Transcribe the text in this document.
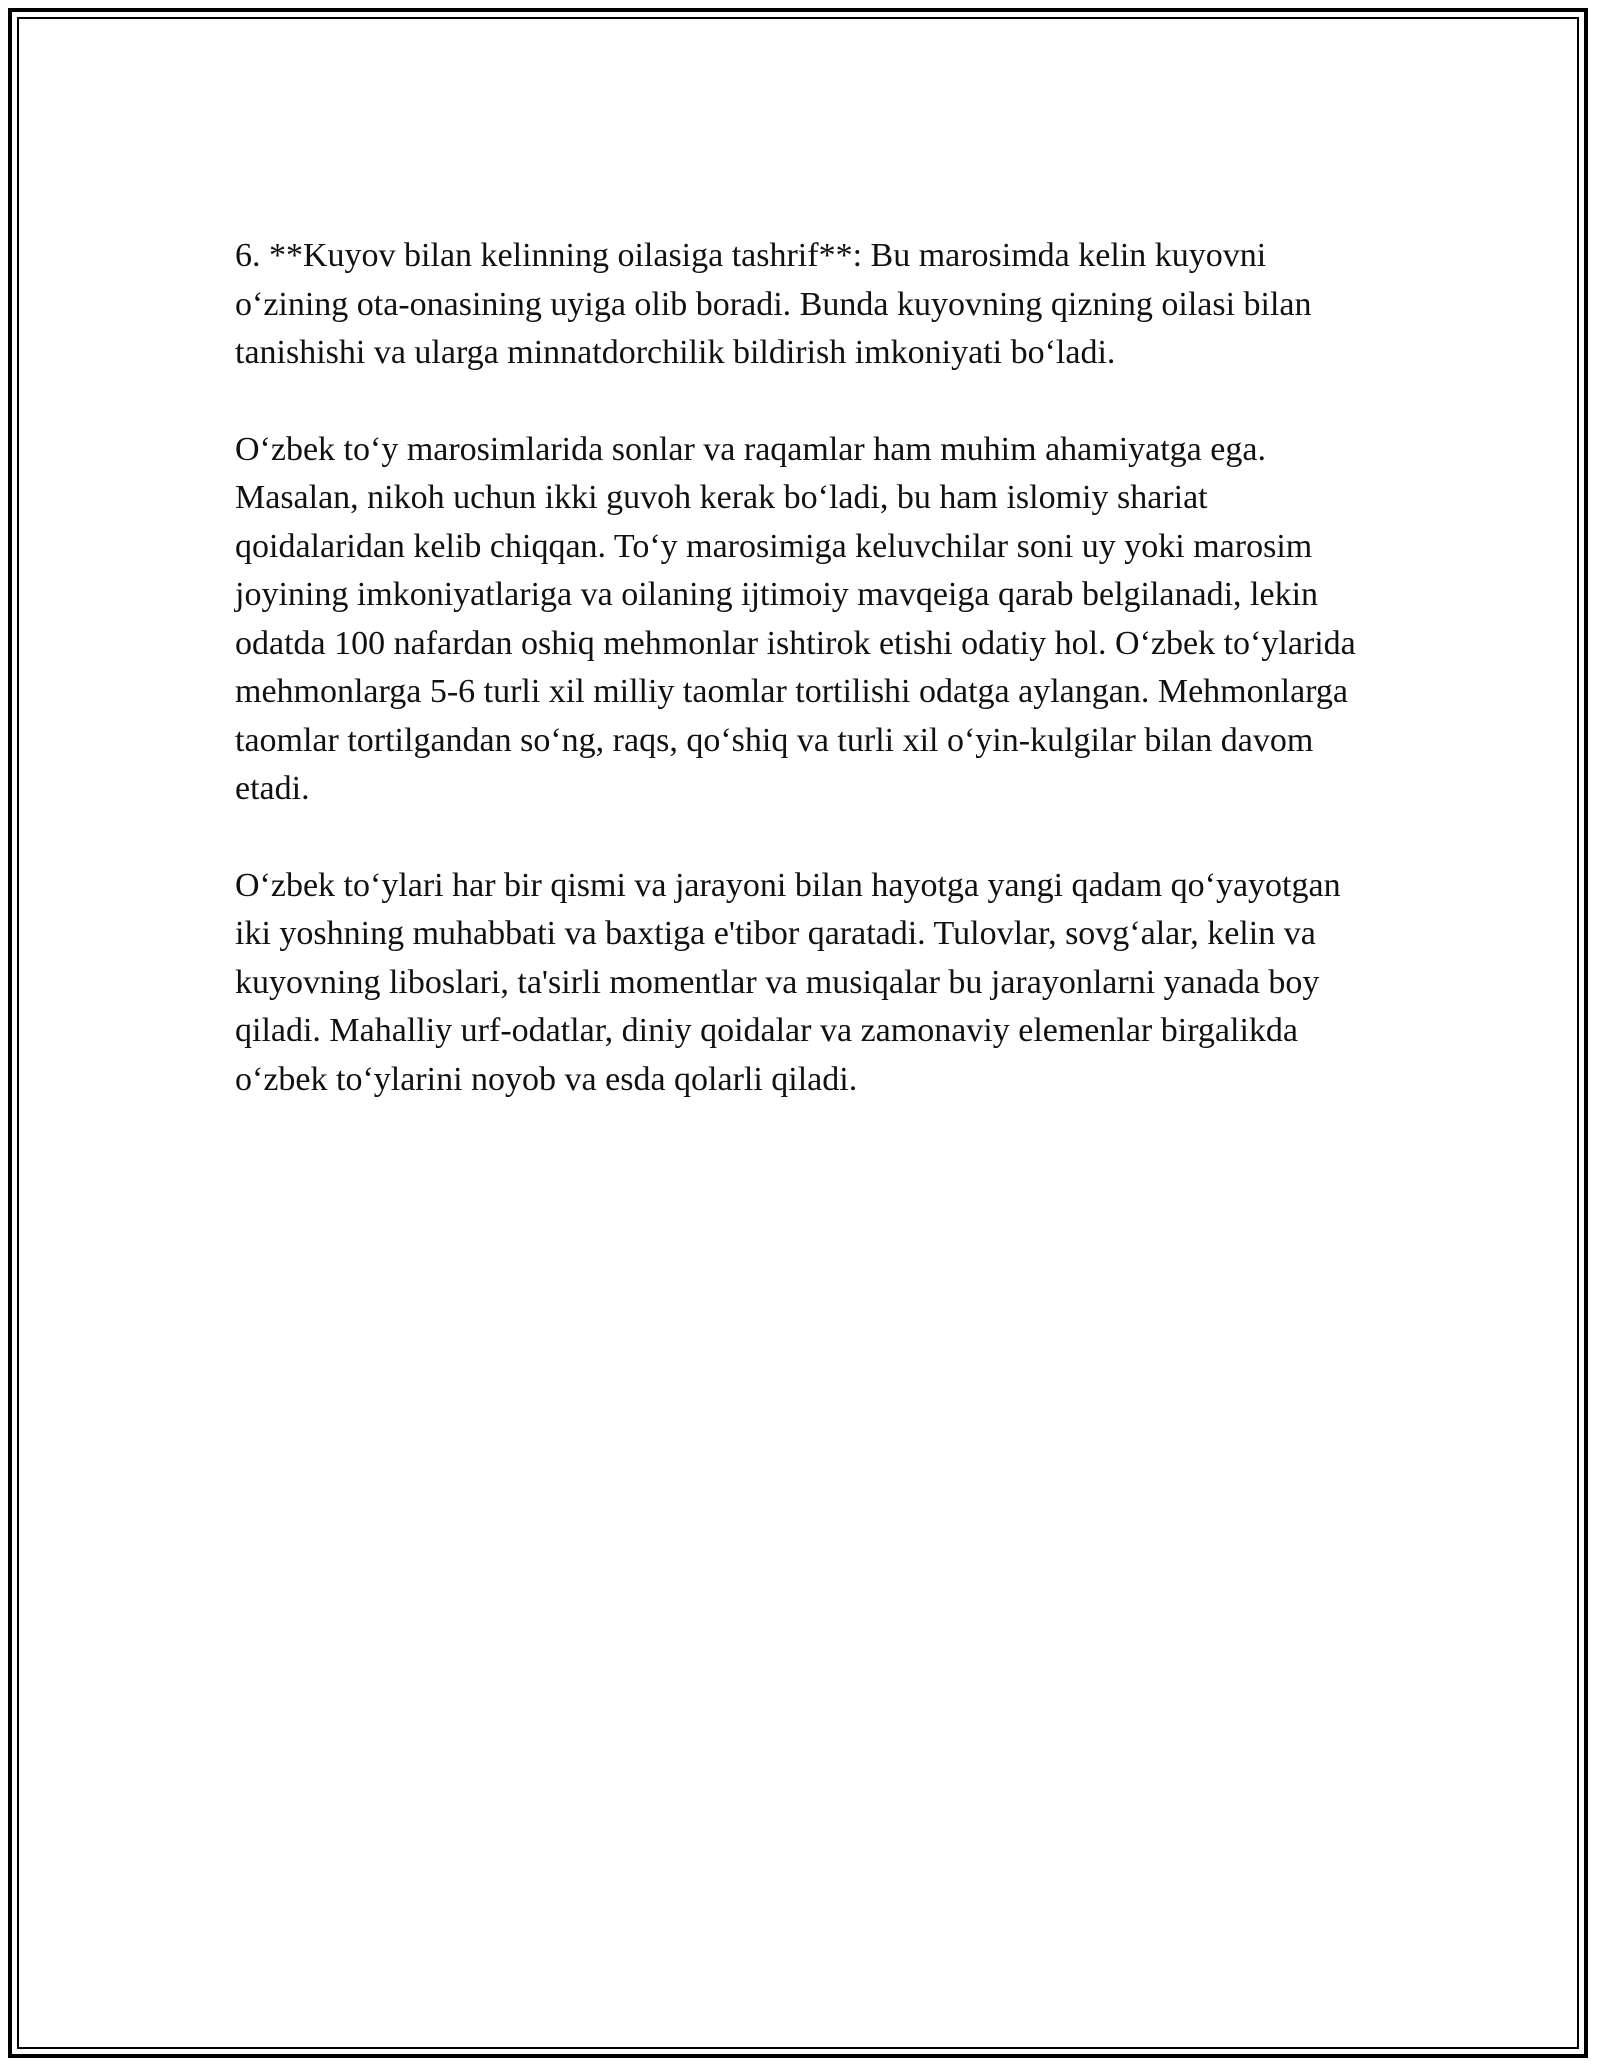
6. **Kuyov bilan kelinning oilasiga tashrif**: Bu marosimda kelin kuyovni o‘zining ota-onasining uyiga olib boradi. Bunda kuyovning qizning oilasi bilan tanishishi va ularga minnatdorchilik bildirish imkoniyati bo‘ladi.

O‘zbek to‘y marosimlarida sonlar va raqamlar ham muhim ahamiyatga ega. Masalan, nikoh uchun ikki guvoh kerak bo‘ladi, bu ham islomiy shariat qoidalaridan kelib chiqqan. To‘y marosimiga keluvchilar soni uy yoki marosim joyining imkoniyatlariga va oilaning ijtimoiy mavqeiga qarab belgilanadi, lekin odatda 100 nafardan oshiq mehmonlar ishtirok etishi odatiy hol. O‘zbek to‘ylarida mehmonlarga 5-6 turli xil milliy taomlar tortilishi odatga aylangan. Mehmonlarga taomlar tortilgandan so‘ng, raqs, qo‘shiq va turli xil o‘yin-kulgilar bilan davom etadi.

O‘zbek to‘ylari har bir qismi va jarayoni bilan hayotga yangi qadam qo‘yayotgan iki yoshning muhabbati va baxtiga e'tibor qaratadi. Tulovlar, sovg‘alar, kelin va kuyovning liboslari, ta'sirli momentlar va musiqalar bu jarayonlarni yanada boy qiladi. Mahalliy urf-odatlar, diniy qoidalar va zamonaviy elemenlar birgalikda o‘zbek to‘ylarini noyob va esda qolarli qiladi.
